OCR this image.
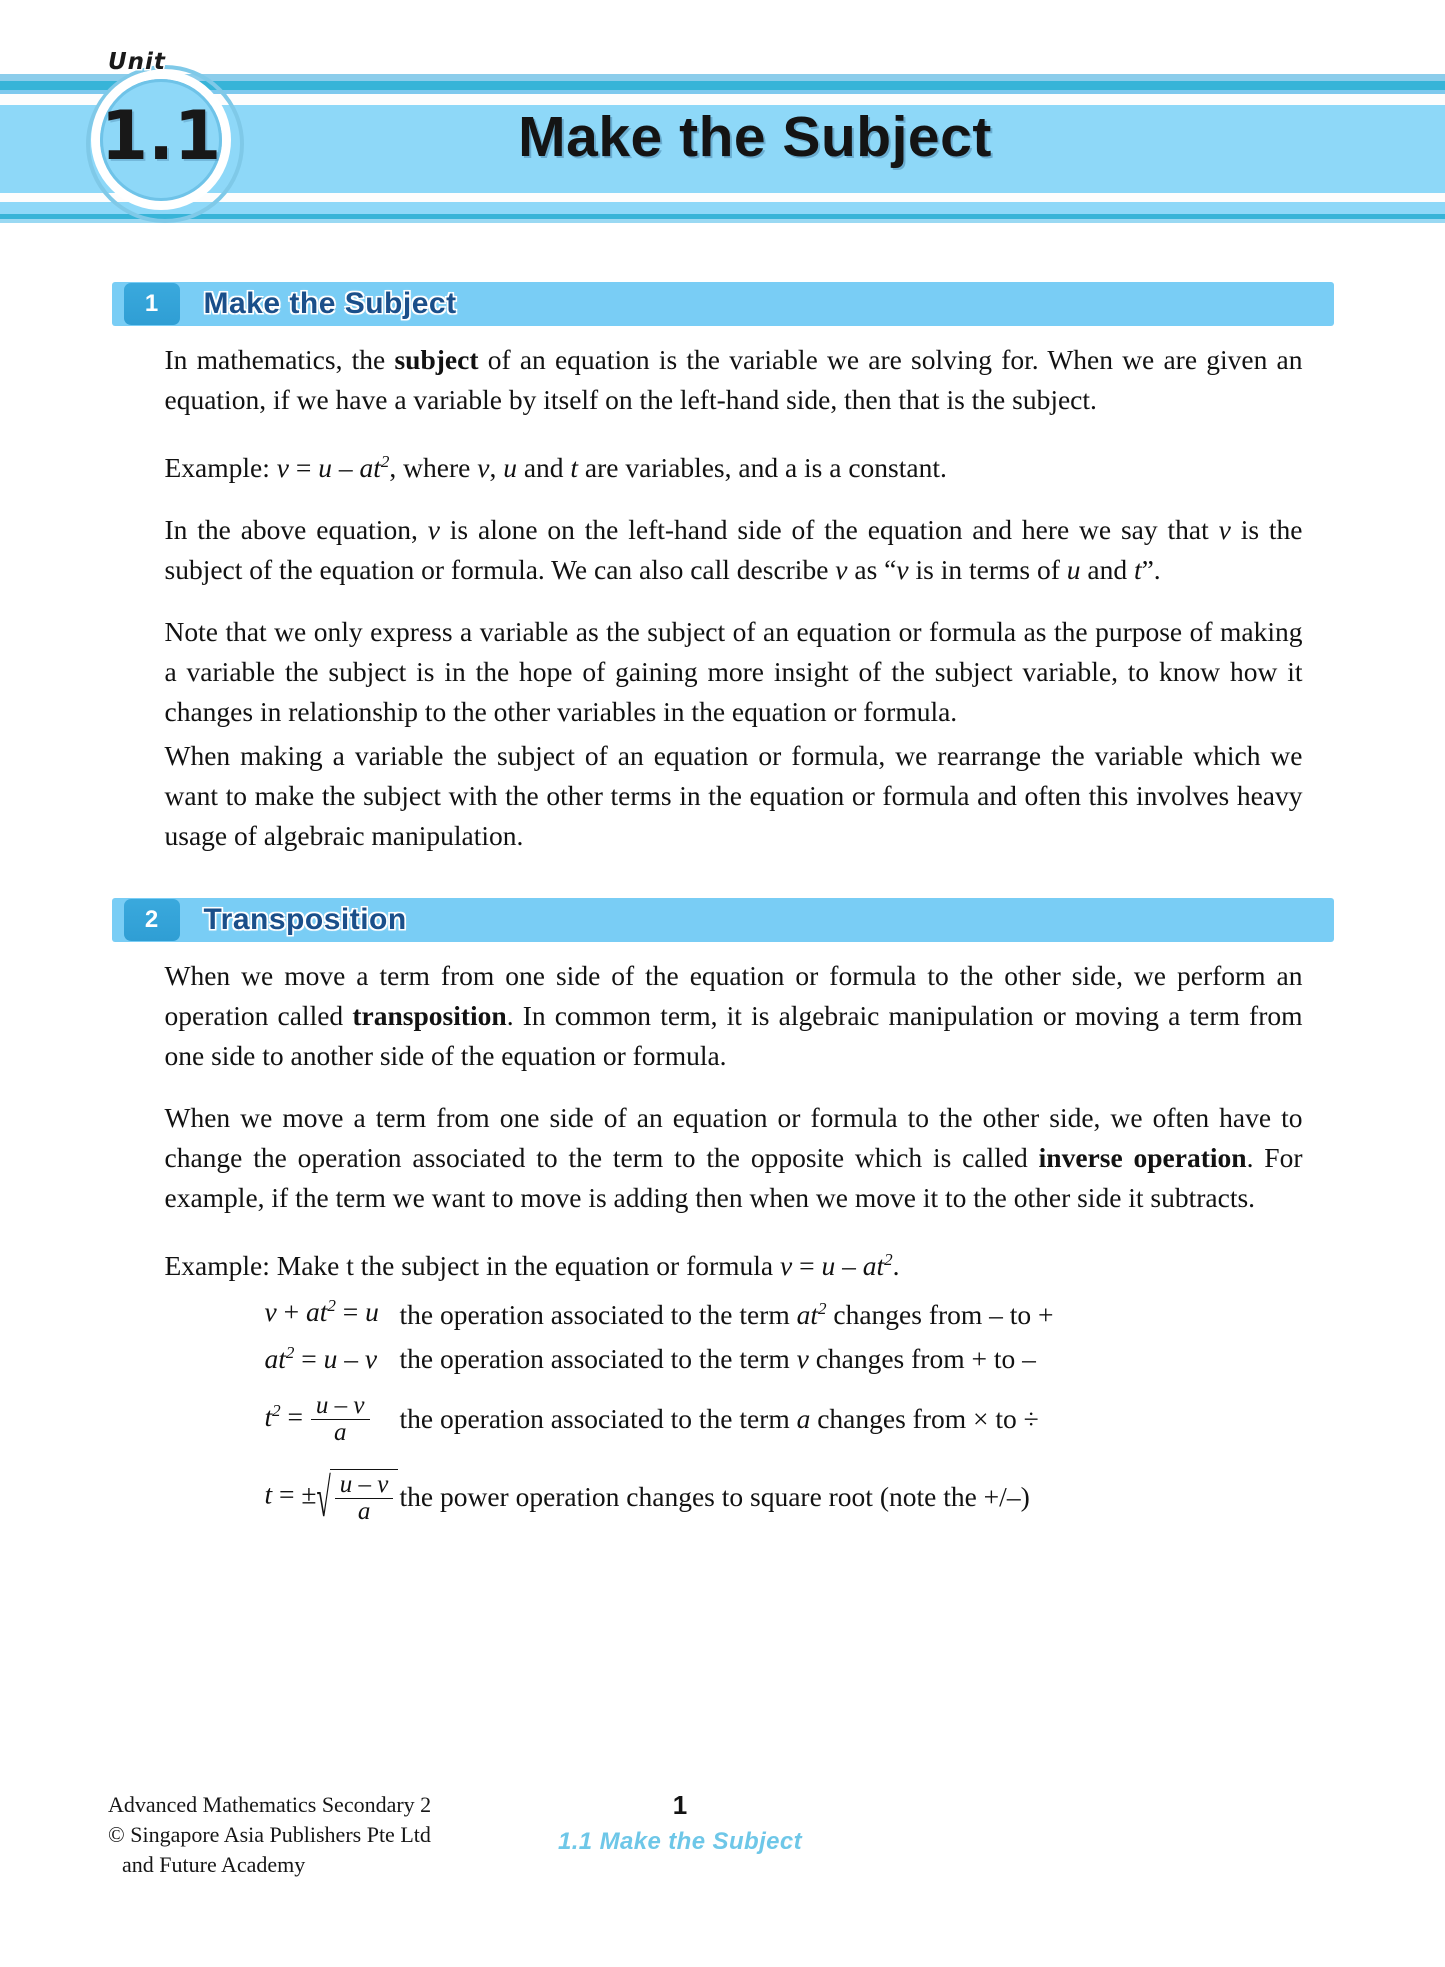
Make the Subject
1.1
Unit
1	Make the Subject

In mathematics, the subject of an equation is the variable we are solving for. When we are given an equation, if we have a variable by itself on the left-hand side, then that is the subject.

Example: $v = u - at^2$, where v, u and t are variables, and a is a constant.

In the above equation, v is alone on the left-hand side of the equation and here we say that v is the subject of the equation or formula. We can also call describe v as “v is in terms of u and t”.

Note that we only express a variable as the subject of an equation or formula as the purpose of making a variable the subject is in the hope of gaining more insight of the subject variable, to know how it changes in relationship to the other variables in the equation or formula.

When making a variable the subject of an equation or formula, we rearrange the variable which we want to make the subject with the other terms in the equation or formula and often this involves heavy usage of algebraic manipulation.

2	Transposition

When we move a term from one side of the equation or formula to the other side, we perform an operation called transposition. In common term, it is algebraic manipulation or moving a term from one side to another side of the equation or formula.

When we move a term from one side of an equation or formula to the other side, we often have to change the operation associated to the term to the opposite which is called inverse operation. For example, if the term we want to move is adding then when we move it to the other side it subtracts.

Example: Make t the subject in the equation or formula $v = u - at^2$.

$v + at^2 = u$ the operation associated to the term $at^2$ changes from – to +
$at^2 = u - v$ the operation associated to the term v changes from + to –
$t^2 = \frac{u - v}{a}$ the operation associated to the term a changes from × to ÷
t = ± √ $\frac{u - v}{a}$ the power operation changes to square root (note the +/–)
Advanced Mathematics Secondary 2
© Singapore Asia Publishers Pte Ltd

and Future Academy
1
1.1 Make the Subject
